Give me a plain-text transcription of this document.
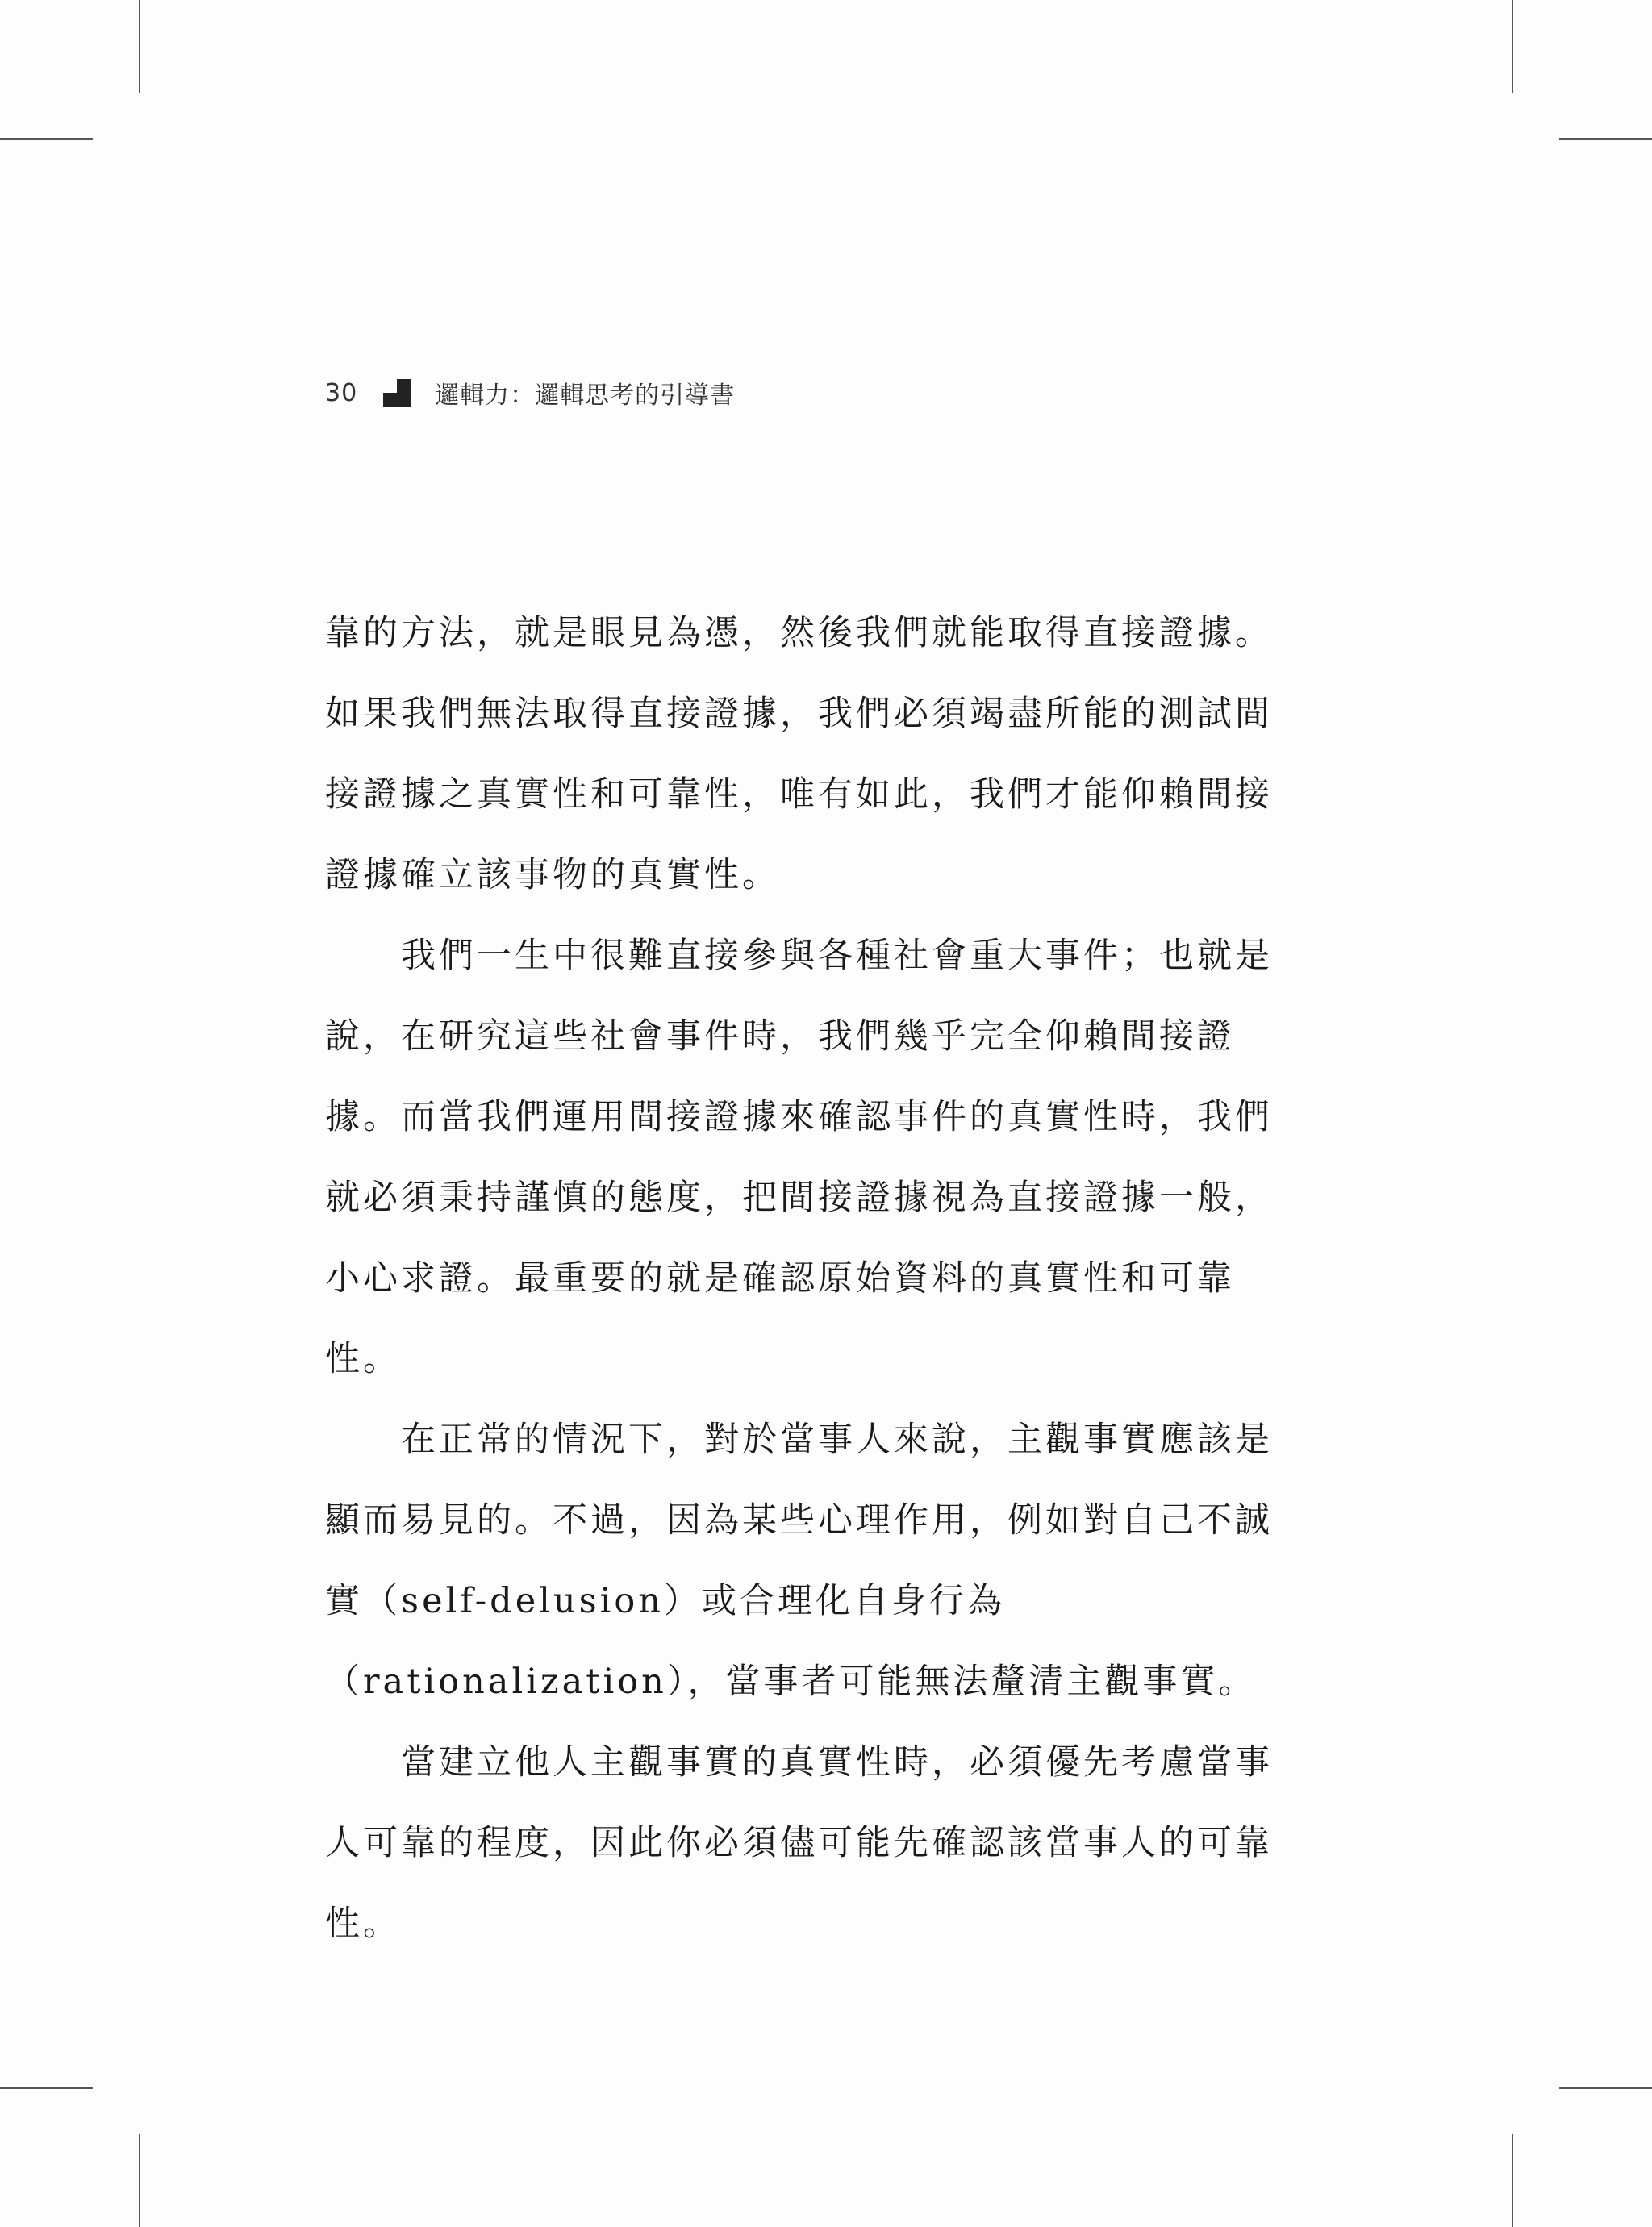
30	邏輯力：邏輯思考的引導書

靠的方法，就是眼見為憑，然後我們就能取得直接證據。如果我們無法取得直接證據，我們必須竭盡所能的測試間接證據之真實性和可靠性，唯有如此，我們才能仰賴間接證據確立該事物的真實性。

我們一生中很難直接參與各種社會重大事件；也就是說，在研究這些社會事件時，我們幾乎完全仰賴間接證據。而當我們運用間接證據來確認事件的真實性時，我們就必須秉持謹慎的態度，把間接證據視為直接證據一般，小心求證。最重要的就是確認原始資料的真實性和可靠性。

在正常的情況下，對於當事人來說，主觀事實應該是顯而易見的。不過，因為某些心理作用，例如對自己不誠實（self-delusion）或合理化自身行為（rationalization），當事者可能無法釐清主觀事實。

當建立他人主觀事實的真實性時，必須優先考慮當事人可靠的程度，因此你必須儘可能先確認該當事人的可靠性。
